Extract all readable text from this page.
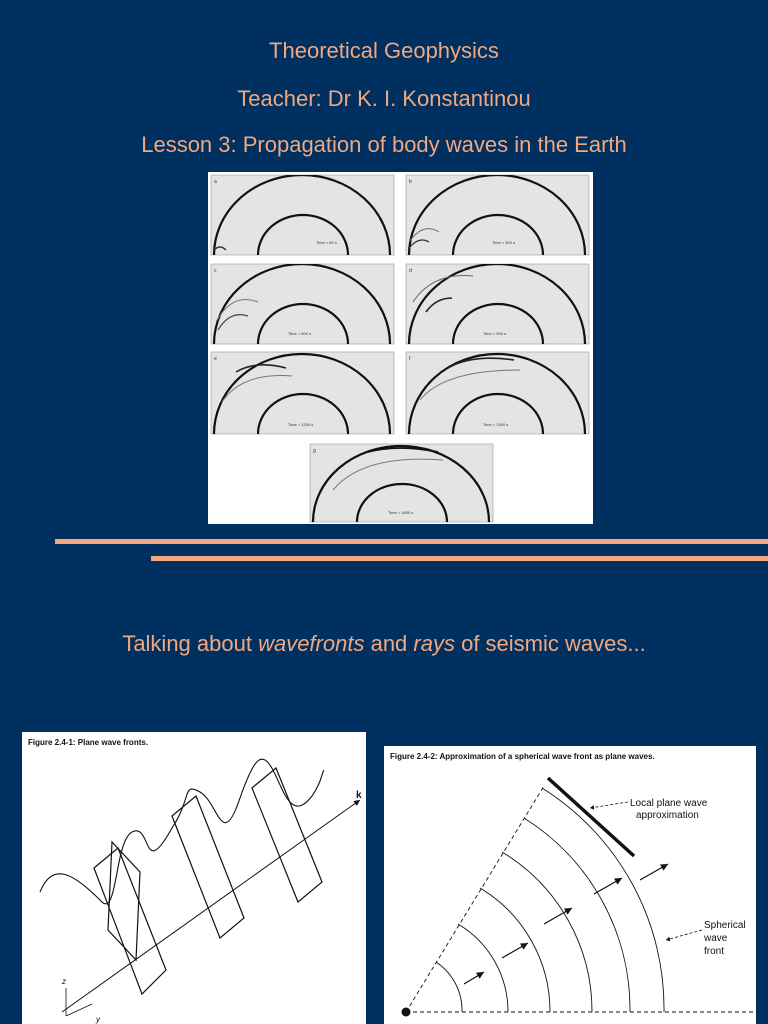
Theoretical Geophysics
Teacher: Dr K. I. Konstantinou
Lesson 3: Propagation of body waves in the Earth
a
Time = 60 s
b
Time = 300 s
c
Time = 600 s
d
Time = 900 s
e
Time = 1200 s
f
Time = 1500 s
g
Time = 1800 s
Talking about wavefronts and rays of seismic waves...
Figure 2.4-1: Plane wave fronts.
k
z
y
Figure 2.4-2: Approximation of a spherical wave front as plane waves.
Local plane wave
approximation
Spherical
wave
front
